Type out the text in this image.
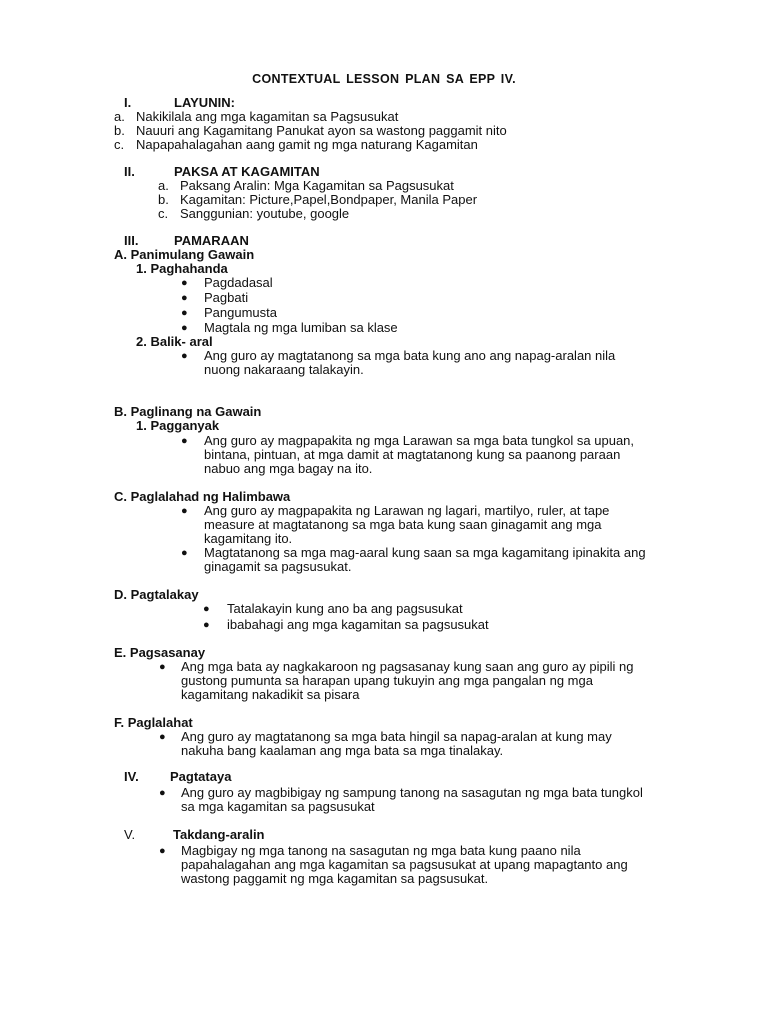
CONTEXTUAL LESSON PLAN SA EPP IV.
I.	LAYUNIN:
a. Nakikilala ang mga kagamitan sa Pagsusukat
b. Nauuri ang Kagamitang Panukat ayon sa wastong paggamit nito
c. Napapahalagahan aang gamit ng mga naturang Kagamitan
II.	PAKSA AT KAGAMITAN
a. Paksang Aralin: Mga Kagamitan sa Pagsusukat
b. Kagamitan: Picture,Papel,Bondpaper, Manila Paper
c. Sanggunian: youtube, google
III.	PAMARAAN
A. Panimulang Gawain
1. Paghahanda
● Pagdadasal
● Pagbati
● Pangumusta
● Magtala ng mga lumiban sa klase
2. Balik- aral
● Ang guro ay magtatanong sa mga bata kung ano ang napag-aralan nila
nuong nakaraang talakayin.
B. Paglinang na Gawain
1. Pagganyak
● Ang guro ay magpapakita ng mga Larawan sa mga bata tungkol sa upuan,
bintana, pintuan, at mga damit at magtatanong kung sa paanong paraan
nabuo ang mga bagay na ito.
C. Paglalahad ng Halimbawa
● Ang guro ay magpapakita ng Larawan ng lagari, martilyo, ruler, at tape
measure at magtatanong sa mga bata kung saan ginagamit ang mga
kagamitang ito.
● Magtatanong sa mga mag-aaral kung saan sa mga kagamitang ipinakita ang
ginagamit sa pagsusukat.
D. Pagtalakay
● Tatalakayin kung ano ba ang pagsusukat
● ibabahagi ang mga kagamitan sa pagsusukat
E. Pagsasanay
● Ang mga bata ay nagkakaroon ng pagsasanay kung saan ang guro ay pipili ng
gustong pumunta sa harapan upang tukuyin ang mga pangalan ng mga
kagamitang nakadikit sa pisara
F. Paglalahat
● Ang guro ay magtatanong sa mga bata hingil sa napag-aralan at kung may
nakuha bang kaalaman ang mga bata sa mga tinalakay.
IV. Pagtataya
● Ang guro ay magbibigay ng sampung tanong na sasagutan ng mga bata tungkol
sa mga kagamitan sa pagsusukat
V.	Takdang-aralin
● Magbigay ng mga tanong na sasagutan ng mga bata kung paano nila
papahalagahan ang mga kagamitan sa pagsusukat at upang mapagtanto ang
wastong paggamit ng mga kagamitan sa pagsusukat.
